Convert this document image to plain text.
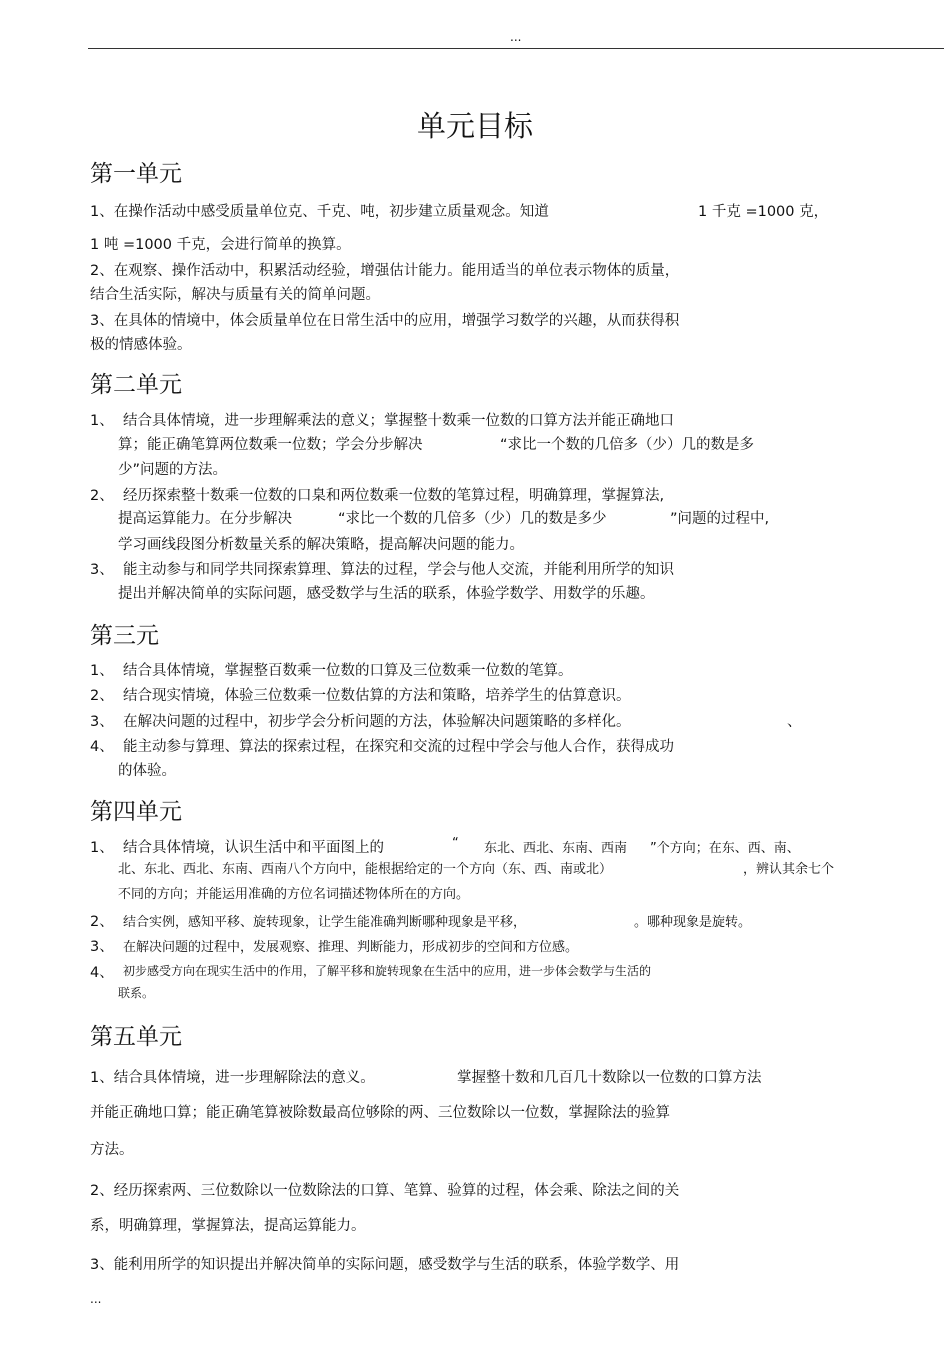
...
单元目标
第一单元
1、在操作活动中感受质量单位克、千克、吨，初步建立质量观念。知道	1 千克 =1000 克，
1 吨 =1000 千克，会进行简单的换算。
2、在观察、操作活动中，积累活动经验，增强估计能力。能用适当的单位表示物体的质量，
结合生活实际，解决与质量有关的简单问题。
3、在具体的情境中，体会质量单位在日常生活中的应用，增强学习数学的兴趣，从而获得积
极的情感体验。
第二单元
1、 结合具体情境，进一步理解乘法的意义；掌握整十数乘一位数的口算方法并能正确地口
算；能正确笔算两位数乘一位数；学会分步解决	“求比一个数的几倍多（少）几的数是多
少”问题的方法。
2、 经历探索整十数乘一位数的口臬和两位数乘一位数的笔算过程，明确算理，掌握算法,
提高运算能力。在分步解决	“求比一个数的几倍多（少）几的数是多少	”问题的过程中,
学习画线段图分析数量关系的解决策略，提高解决问题的能力。
3、 能主动参与和同学共同探索算理、算法的过程，学会与他人交流，并能利用所学的知识
提出并解决简单的实际问题，感受数学与生活的联系，体验学数学、用数学的乐趣。
第三元
1、 结合具体情境，掌握整百数乘一位数的口算及三位数乘一位数的笔算。
2、 结合现实情境，体验三位数乘一位数估算的方法和策略，培养学生的估算意识。
3、 在解决问题的过程中，初步学会分析问题的方法，体验解决问题策略的多样化。	、
4、 能主动参与算理、算法的探索过程，在探究和交流的过程中学会与他人合作，获得成功
的体验。
第四单元
1、 结合具体情境，认识生活中和平面图上的	“ 东北、西北、东南、西南 ”个方向；在东、西、南、
北、东北、西北、东南、西南八个方向中，能根据给定的一个方向（东、西、南或北）	，辨认其余七个
不同的方向；并能运用准确的方位名词描述物体所在的方向。
2、 结合实例，感知平移、旋转现象，让学生能准确判断哪种现象是平移，	。哪种现象是旋转。
3、 在解决问题的过程中，发展观察、推理、判断能力，形成初步的空间和方位感。
4、 初步感受方向在现实生活中的作用，了解平移和旋转现象在生活中的应用，进一步体会数学与生活的
联系。
第五单元
1、结合具体情境，进一步理解除法的意义。	掌握整十数和几百几十数除以一位数的口算方法
并能正确地口算；能正确笔算被除数最高位够除的两、三位数除以一位数，掌握除法的验算
方法。
2、经历探索两、三位数除以一位数除法的口算、笔算、验算的过程，体会乘、除法之间的关
系，明确算理，掌握算法，提高运算能力。
3、能利用所学的知识提出并解决简单的实际问题，感受数学与生活的联系，体验学数学、用
...
